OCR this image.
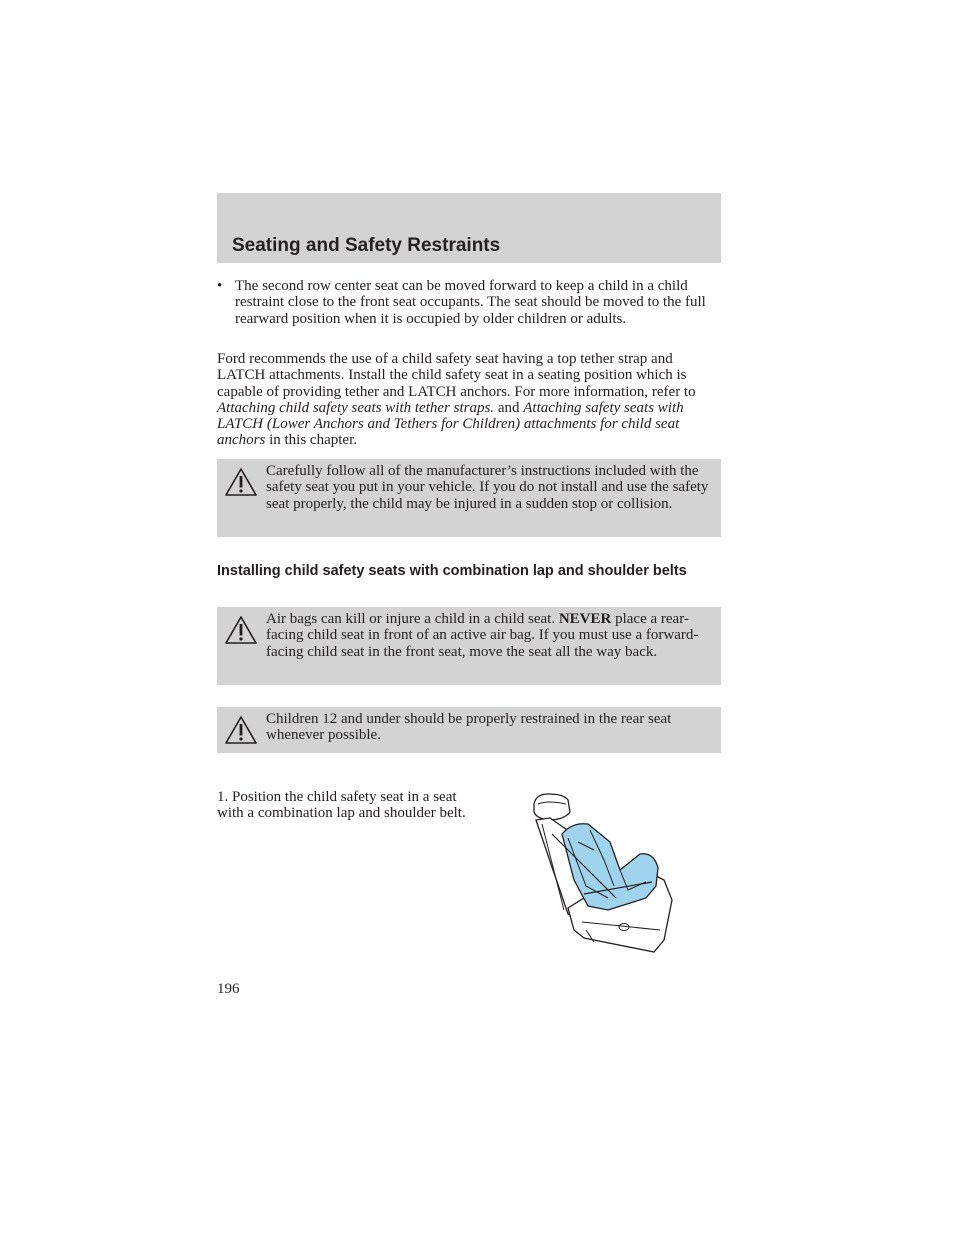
Seating and Safety Restraints
• The second row center seat can be moved forward to keep a child in a child restraint close to the front seat occupants. The seat should be moved to the full rearward position when it is occupied by older children or adults.
Ford recommends the use of a child safety seat having a top tether strap and LATCH attachments. Install the child safety seat in a seating position which is capable of providing tether and LATCH anchors. For more information, refer to Attaching child safety seats with tether straps. and Attaching safety seats with LATCH (Lower Anchors and Tethers for Children) attachments for child seat anchors in this chapter.
Carefully follow all of the manufacturer’s instructions included with the safety seat you put in your vehicle. If you do not install and use the safety seat properly, the child may be injured in a sudden stop or collision.
Installing child safety seats with combination lap and shoulder belts
Air bags can kill or injure a child in a child seat. NEVER place a rear-facing child seat in front of an active air bag. If you must use a forward-facing child seat in the front seat, move the seat all the way back.
Children 12 and under should be properly restrained in the rear seat whenever possible.
1. Position the child safety seat in a seat with a combination lap and shoulder belt.
196
